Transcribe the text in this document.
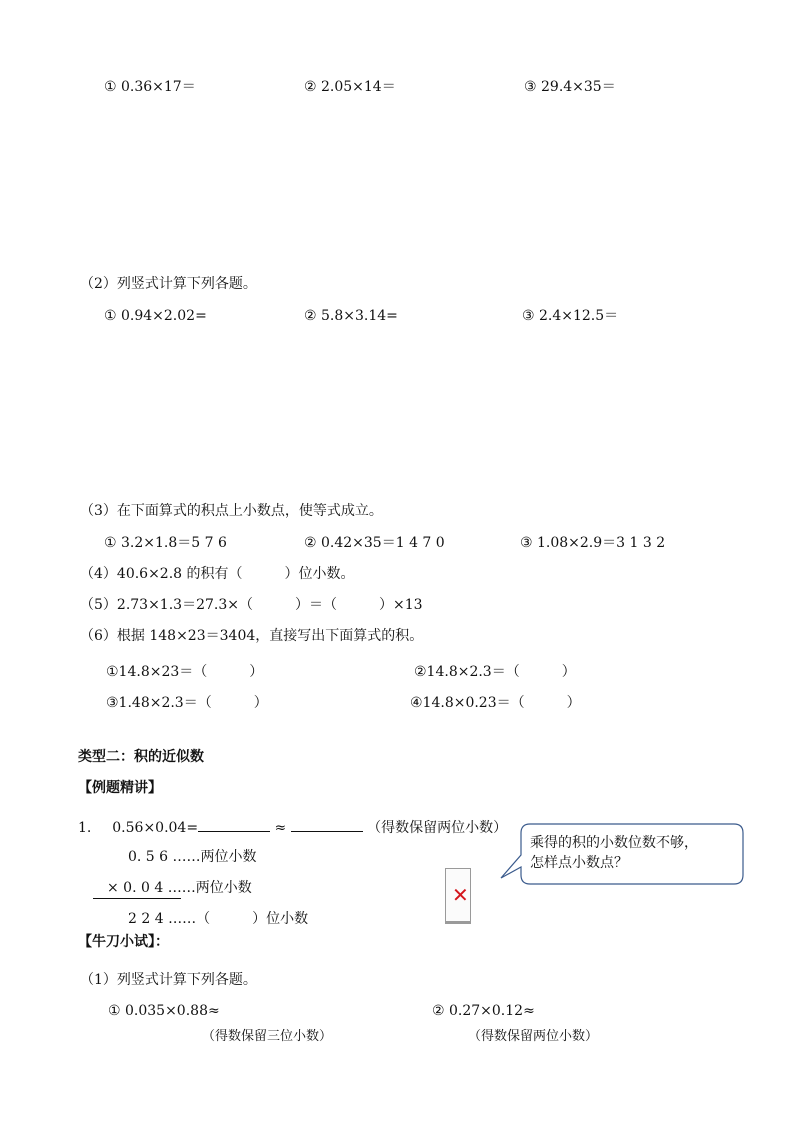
① 0.36×17＝	② 2.05×14＝	③ 29.4×35＝
（2）列竖式计算下列各题。
① 0.94×2.02=	② 5.8×3.14=	③ 2.4×12.5＝
（3）在下面算式的积点上小数点，使等式成立。
① 3.2×1.8＝5 7 6	② 0.42×35＝1 4 7 0	③ 1.08×2.9＝3 1 3 2
（4）40.6×2.8 的积有（　　　）位小数。
（5）2.73×1.3＝27.3×（　　　）＝（　　　）×13
（6）根据 148×23＝3404，直接写出下面算式的积。
①14.8×23＝（　　　）	②14.8×2.3＝（　　　）
③1.48×2.3＝（　　　）	④14.8×0.23＝（　　　）
类型二：积的近似数
【例题精讲】
1. 0.56×0.04=	≈	（得数保留两位小数）
0. 5 6 ……两位小数
× 0. 0 4 ……两位小数
2 2 4 ……（　　　）位小数
✕
乘得的积的小数位数不够，
怎样点小数点？
【牛刀小试】：
（1）列竖式计算下列各题。
① 0.035×0.88≈	② 0.27×0.12≈
（得数保留三位小数）	（得数保留两位小数）
